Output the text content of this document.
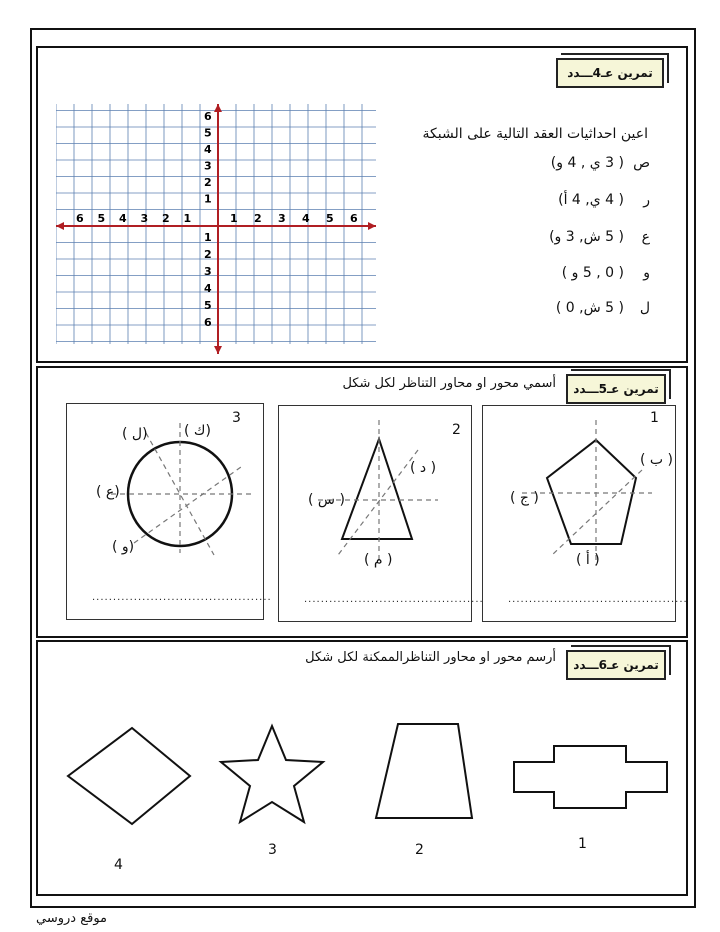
تمرين عـ4ـــدد
6 5 4 3 2 1	1 2 3 4 5 6
6
5
4
3
2
1
1
2
3
4
5
6
اعين احداثيات العقد التالية على الشبكة
ص
( 3 ي , 4 و)
ر
( 4 ي, 4 أ)
ع
( 5 ش, 3 و)
و
( 0 , 5 و )
ل
( 5 ش, 0 )
تمرين عـ5ـــدد
أسمي محور او محاور التناظر لكل شكل
1
( ب )
( ج )
( أ )
...........................................
2
( د )
( س )
( م )
...........................................
3
(ل )	(ك )
(ع )
(و )
...........................................
تمرين عـ6ـــدد
أرسم محور او محاور التناظرالممكنة لكل شكل
1
2
3
4
موقع دروسي
